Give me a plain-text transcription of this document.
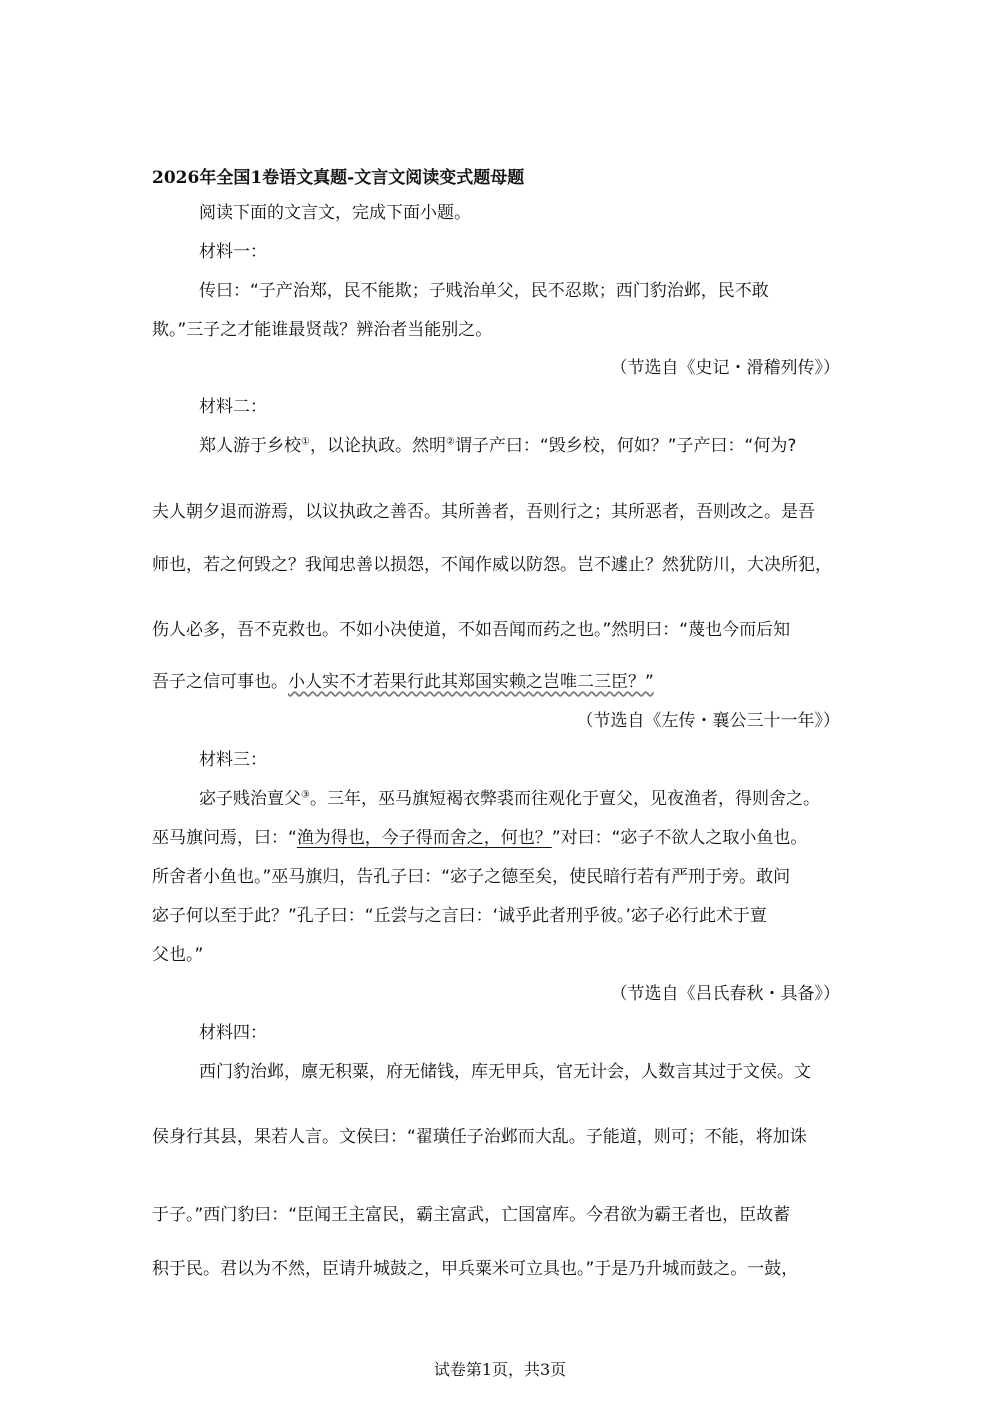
2026年全国1卷语文真题-文言文阅读变式题母题

阅读下面的文言文，完成下面小题。

材料一：

传曰：“子产治郑，民不能欺；子贱治单父，民不忍欺；西门豹治邺，民不敢

欺。”三子之才能谁最贤哉？辨治者当能别之。

（节选自《史记・滑稽列传》）

材料二：

郑人游于乡校①，以论执政。然明②谓子产曰：“毁乡校，何如？”子产曰：“何为?

夫人朝夕退而游焉，以议执政之善否。其所善者，吾则行之；其所恶者，吾则改之。是吾

师也，若之何毁之？我闻忠善以损怨，不闻作威以防怨。岂不遽止？然犹防川，大决所犯，

伤人必多，吾不克救也。不如小决使道，不如吾闻而药之也。”然明曰：“蔑也今而后知

吾子之信可事也。小人实不才若果行此其郑国实赖之岂唯二三臣？”

（节选自《左传・襄公三十一年》）

材料三：

宓子贱治亶父③。三年，巫马旗短褐衣弊裘而往观化于亶父，见夜渔者，得则舍之。

巫马旗问焉，曰：“渔为得也，今子得而舍之，何也？”对曰：“宓子不欲人之取小鱼也。

所舍者小鱼也。”巫马旗归，告孔子曰：“宓子之德至矣，使民暗行若有严刑于旁。敢问

宓子何以至于此？”孔子曰：“丘尝与之言曰：‘诚乎此者刑乎彼。’宓子必行此术于亶

父也。”

（节选自《吕氏春秋・具备》）

材料四：

西门豹治邺，廪无积粟，府无储钱，库无甲兵，官无计会，人数言其过于文侯。文

侯身行其县，果若人言。文侯曰：“翟璜任子治邺而大乱。子能道，则可；不能，将加诛

于子。”西门豹曰：“臣闻王主富民，霸主富武，亡国富库。今君欲为霸王者也，臣故蓄

积于民。君以为不然，臣请升城鼓之，甲兵粟米可立具也。”于是乃升城而鼓之。一鼓，

试卷第1页，共3页
